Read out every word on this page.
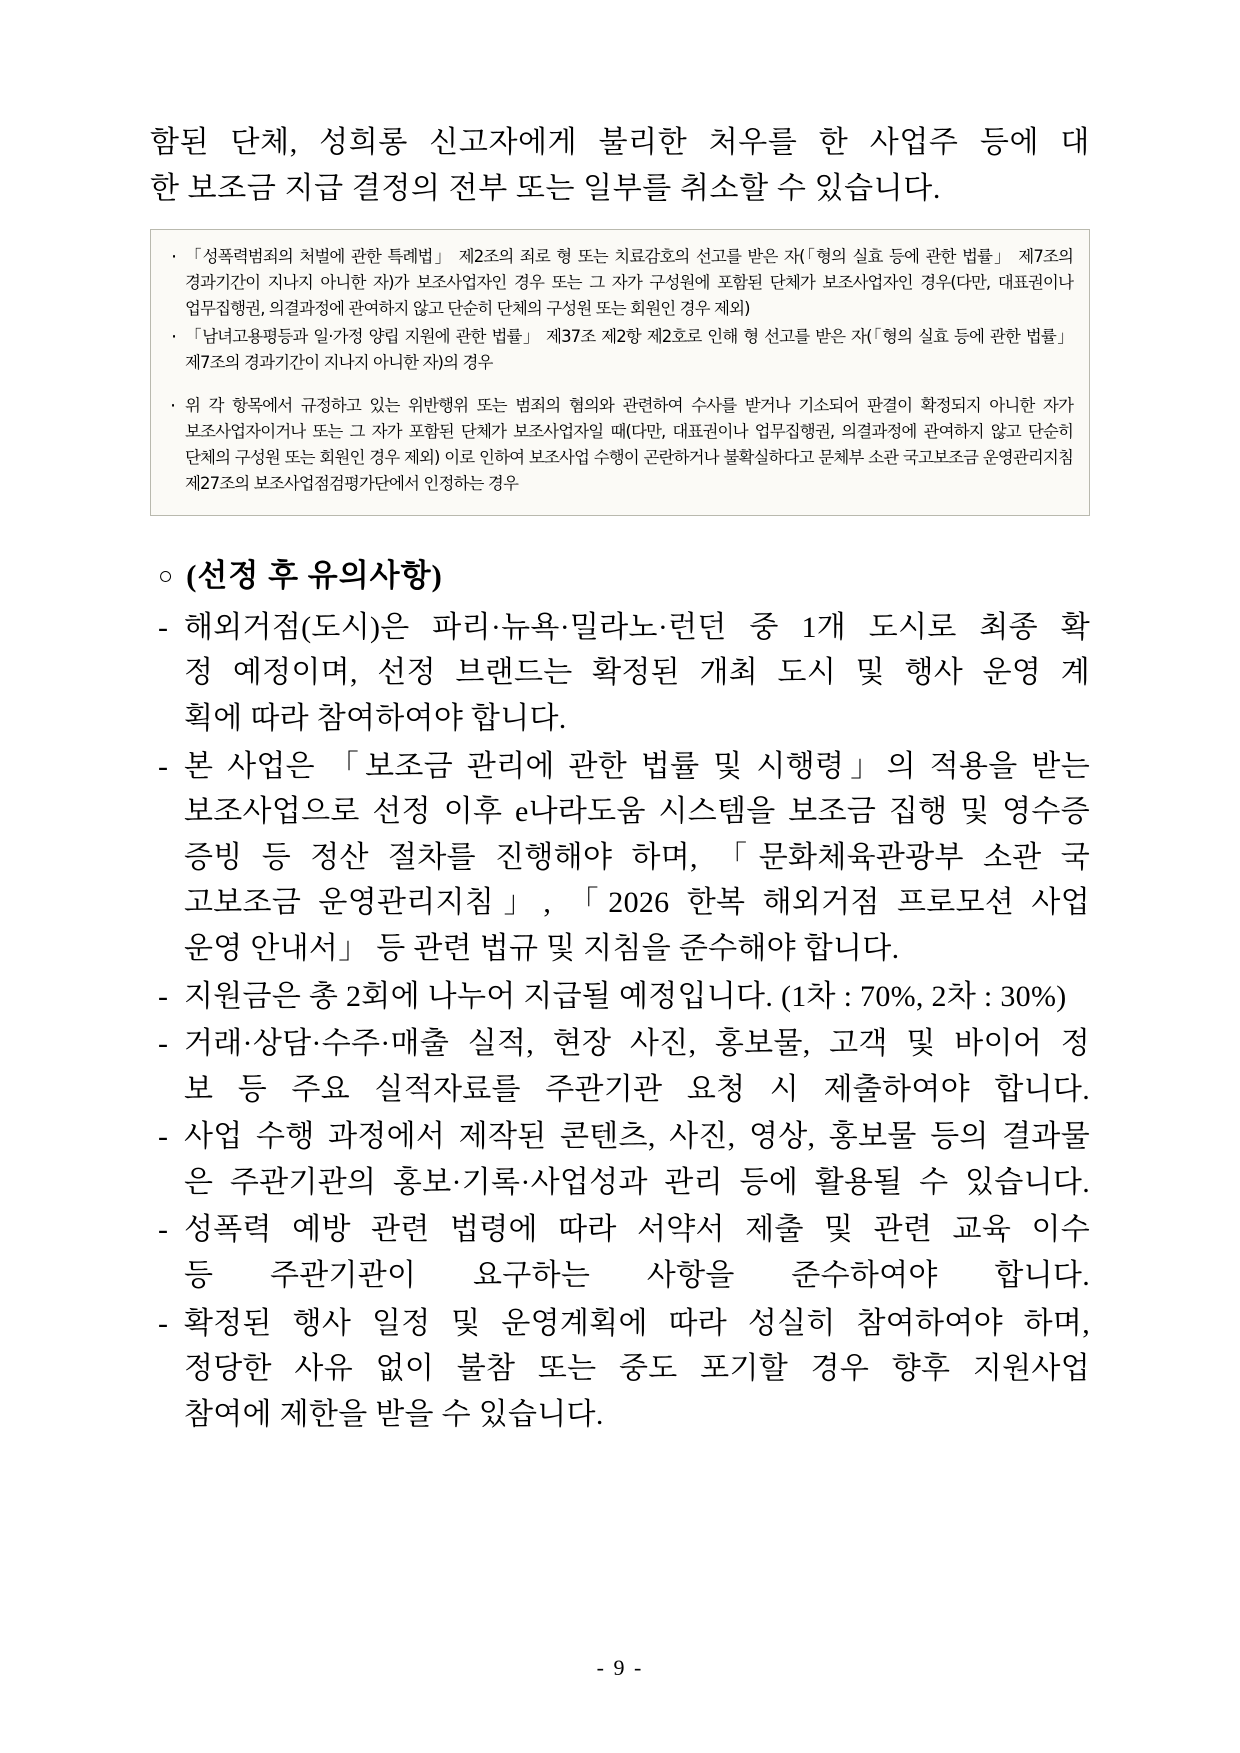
함된 단체, 성희롱 신고자에게 불리한 처우를 한 사업주 등에 대
한 보조금 지급 결정의 전부 또는 일부를 취소할 수 있습니다.

· 「성폭력범죄의 처벌에 관한 특례법」 제2조의 죄로 형 또는 치료감호의 선고를 받은 자(「형의 실효 등에 관한 법률」 제7조의 경과기간이 지나지 아니한 자)가 보조사업자인 경우 또는 그 자가 구성원에 포함된 단체가 보조사업자인 경우(다만, 대표권이나 업무집행권, 의결과정에 관여하지 않고 단순히 단체의 구성원 또는 회원인 경우 제외)
· 「남녀고용평등과 일·가정 양립 지원에 관한 법률」 제37조 제2항 제2호로 인해 형 선고를 받은 자(「형의 실효 등에 관한 법률」 제7조의 경과기간이 지나지 아니한 자)의 경우
· 위 각 항목에서 규정하고 있는 위반행위 또는 범죄의 혐의와 관련하여 수사를 받거나 기소되어 판결이 확정되지 아니한 자가 보조사업자이거나 또는 그 자가 포함된 단체가 보조사업자일 때(다만, 대표권이나 업무집행권, 의결과정에 관여하지 않고 단순히 단체의 구성원 또는 회원인 경우 제외) 이로 인하여 보조사업 수행이 곤란하거나 불확실하다고 문체부 소관 국고보조금 운영관리지침 제27조의 보조사업점검평가단에서 인정하는 경우
○ (선정 후 유의사항)
- 해외거점(도시)은 파리·뉴욕·밀라노·런던 중 1개 도시로 최종 확
정 예정이며, 선정 브랜드는 확정된 개최 도시 및 행사 운영 계
획에 따라 참여하여야 합니다.
- 본 사업은 「보조금 관리에 관한 법률 및 시행령」의 적용을 받는
보조사업으로 선정 이후 e나라도움 시스템을 보조금 집행 및 영수증
증빙 등 정산 절차를 진행해야 하며, 「문화체육관광부 소관 국
고보조금 운영관리지침」, 「2026 한복 해외거점 프로모션 사업
운영 안내서」 등 관련 법규 및 지침을 준수해야 합니다.
- 지원금은 총 2회에 나누어 지급될 예정입니다. (1차 : 70%, 2차 : 30%)
- 거래·상담·수주·매출 실적, 현장 사진, 홍보물, 고객 및 바이어 정
보 등 주요 실적자료를 주관기관 요청 시 제출하여야 합니다.
- 사업 수행 과정에서 제작된 콘텐츠, 사진, 영상, 홍보물 등의 결과물
은 주관기관의 홍보·기록·사업성과 관리 등에 활용될 수 있습니다.
- 성폭력 예방 관련 법령에 따라 서약서 제출 및 관련 교육 이수
등 주관기관이 요구하는 사항을 준수하여야 합니다.
- 확정된 행사 일정 및 운영계획에 따라 성실히 참여하여야 하며,
정당한 사유 없이 불참 또는 중도 포기할 경우 향후 지원사업
참여에 제한을 받을 수 있습니다.
- 9 -
